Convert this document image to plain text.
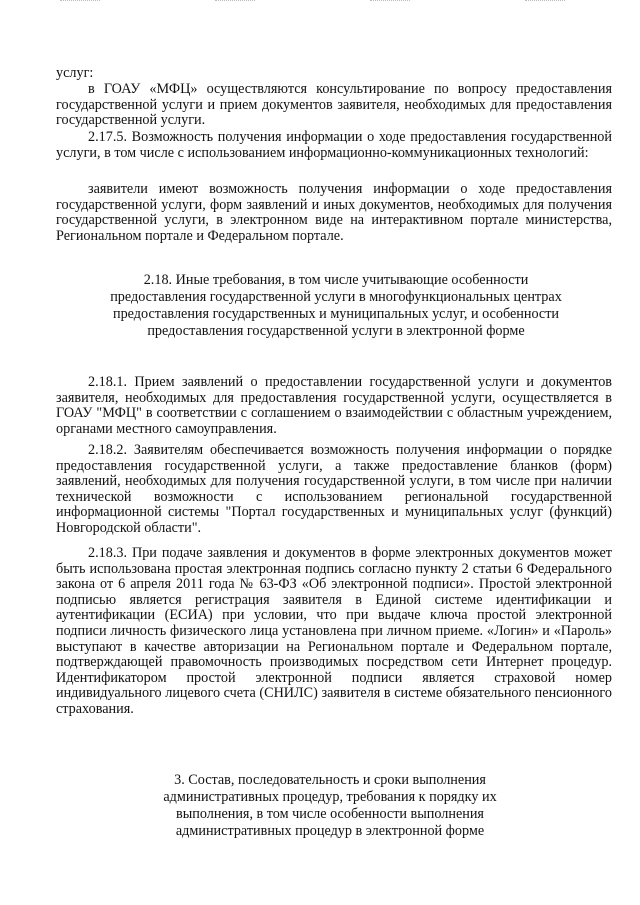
услуг:

в ГОАУ «МФЦ» осуществляются консультирование по вопросу предоставления государственной услуги и прием документов заявителя, необходимых для предоставления государственной услуги.

2.17.5. Возможность получения информации о ходе предоставления государственной услуги, в том числе с использованием информационно-коммуникационных технологий:

заявители имеют возможность получения информации о ходе предоставления государственной услуги, форм заявлений и иных документов, необходимых для получения государственной услуги, в электронном виде на интерактивном портале министерства, Региональном портале и Федеральном портале.

2.18. Иные требования, в том числе учитывающие особенности предоставления государственной услуги в многофункциональных центрах предоставления государственных и муниципальных услуг, и особенности предоставления государственной услуги в электронной форме

2.18.1. Прием заявлений о предоставлении государственной услуги и документов заявителя, необходимых для предоставления государственной услуги, осуществляется в ГОАУ "МФЦ" в соответствии с соглашением о взаимодействии с областным учреждением, органами местного самоуправления.

2.18.2. Заявителям обеспечивается возможность получения информации о порядке предоставления государственной услуги, а также предоставление бланков (форм) заявлений, необходимых для получения государственной услуги, в том числе при наличии технической возможности с использованием региональной государственной информационной системы "Портал государственных и муниципальных услуг (функций) Новгородской области".

2.18.3. При подаче заявления и документов в форме электронных документов может быть использована простая электронная подпись согласно пункту 2 статьи 6 Федерального закона от 6 апреля 2011 года № 63-ФЗ «Об электронной подписи». Простой электронной подписью является регистрация заявителя в Единой системе идентификации и аутентификации (ЕСИА) при условии, что при выдаче ключа простой электронной подписи личность физического лица установлена при личном приеме. «Логин» и «Пароль» выступают в качестве авторизации на Региональном портале и Федеральном портале, подтверждающей правомочность производимых посредством сети Интернет процедур. Идентификатором простой электронной подписи является страховой номер индивидуального лицевого счета (СНИЛС) заявителя в системе обязательного пенсионного страхования.

3. Состав, последовательность и сроки выполнения административных процедур, требования к порядку их выполнения, в том числе особенности выполнения административных процедур в электронной форме
